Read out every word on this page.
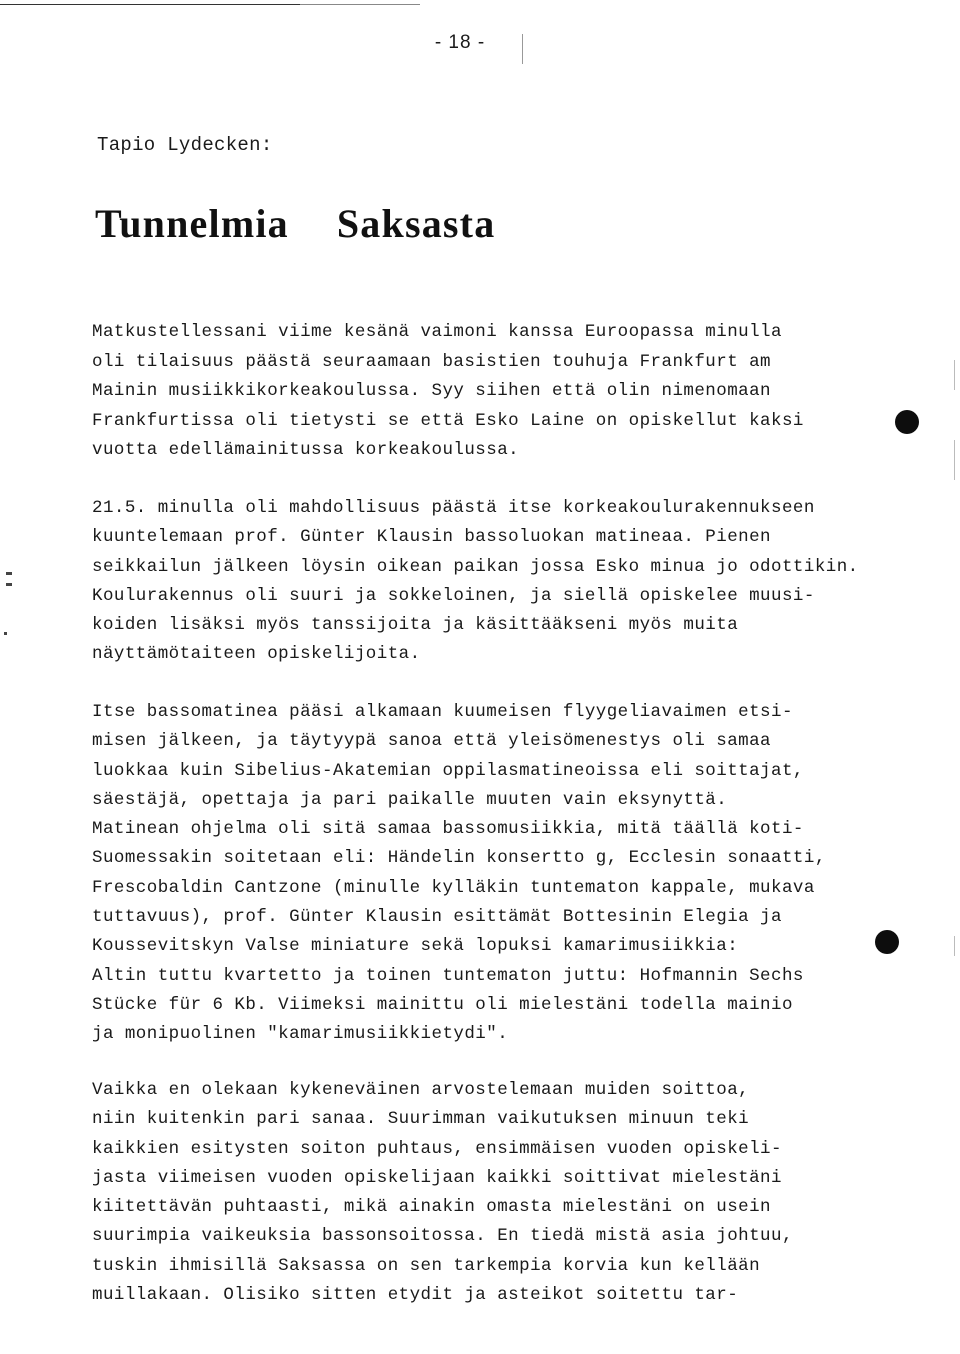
- 18 -
Tapio Lydecken:
Tunnelmia Saksasta
Matkustellessani viime kesänä vaimoni kanssa Euroopassa minulla
oli tilaisuus päästä seuraamaan basistien touhuja Frankfurt am
Mainin musiikkikorkeakoulussa. Syy siihen että olin nimenomaan
Frankfurtissa oli tietysti se että Esko Laine on opiskellut kaksi
vuotta edellämainitussa korkeakoulussa.
21.5. minulla oli mahdollisuus päästä itse korkeakoulurakennukseen
kuuntelemaan prof. Günter Klausin bassoluokan matineaa. Pienen
seikkailun jälkeen löysin oikean paikan jossa Esko minua jo odottikin.
Koulurakennus oli suuri ja sokkeloinen, ja siellä opiskelee muusi-
koiden lisäksi myös tanssijoita ja käsittääkseni myös muita
näyttämötaiteen opiskelijoita.
Itse bassomatinea pääsi alkamaan kuumeisen flyygeliavaimen etsi-
misen jälkeen, ja täytyypä sanoa että yleisömenestys oli samaa
luokkaa kuin Sibelius-Akatemian oppilasmatineoissa eli soittajat,
säestäjä, opettaja ja pari paikalle muuten vain eksynyttä.
Matinean ohjelma oli sitä samaa bassomusiikkia, mitä täällä koti-
Suomessakin soitetaan eli: Händelin konsertto g, Ecclesin sonaatti,
Frescobaldin Cantzone (minulle kylläkin tuntematon kappale, mukava
tuttavuus), prof. Günter Klausin esittämät Bottesinin Elegia ja
Koussevitskyn Valse miniature sekä lopuksi kamarimusiikkia:
Altin tuttu kvartetto ja toinen tuntematon juttu: Hofmannin Sechs
Stücke für 6 Kb. Viimeksi mainittu oli mielestäni todella mainio
ja monipuolinen "kamarimusiikkietydi".
Vaikka en olekaan kykeneväinen arvostelemaan muiden soittoa,
niin kuitenkin pari sanaa. Suurimman vaikutuksen minuun teki
kaikkien esitysten soiton puhtaus, ensimmäisen vuoden opiskeli-
jasta viimeisen vuoden opiskelijaan kaikki soittivat mielestäni
kiitettävän puhtaasti, mikä ainakin omasta mielestäni on usein
suurimpia vaikeuksia bassonsoitossa. En tiedä mistä asia johtuu,
tuskin ihmisillä Saksassa on sen tarkempia korvia kun kellään
muillakaan. Olisiko sitten etydit ja asteikot soitettu tar-
